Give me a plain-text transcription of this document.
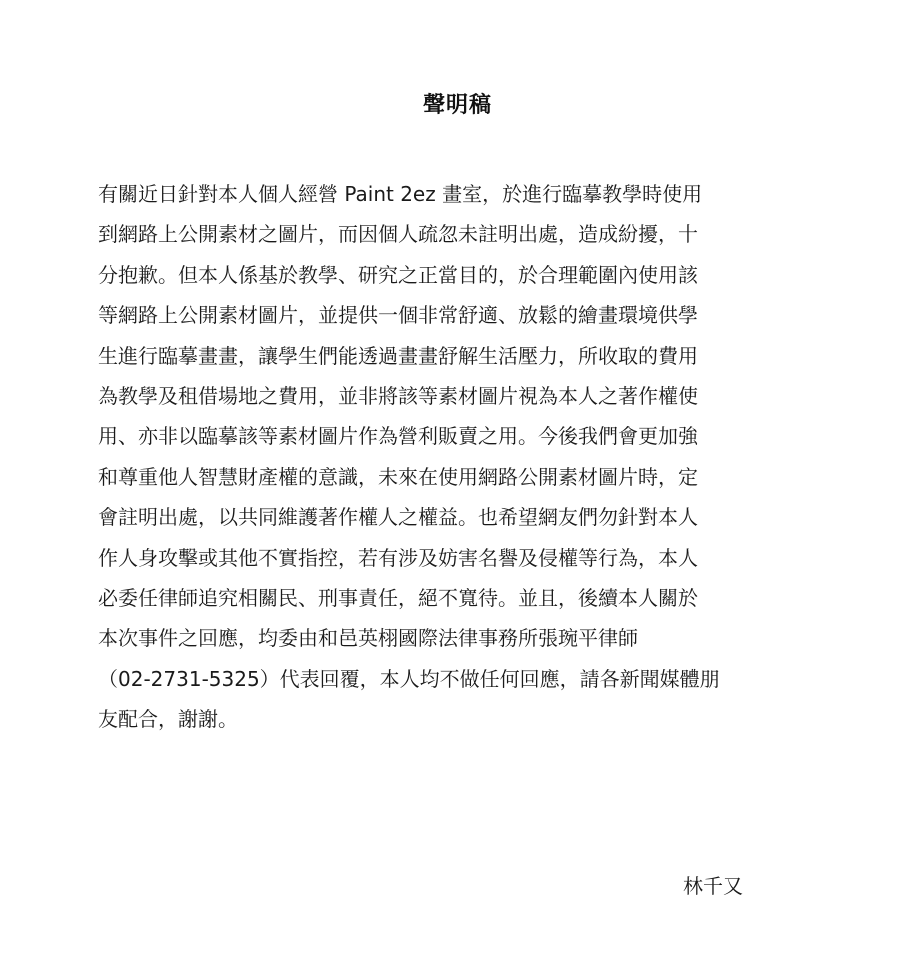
聲明稿
有關近日針對本人個人經營 Paint 2ez 畫室，於進行臨摹教學時使用
到網路上公開素材之圖片，而因個人疏忽未註明出處，造成紛擾，十
分抱歉。但本人係基於教學、研究之正當目的，於合理範圍內使用該
等網路上公開素材圖片，並提供一個非常舒適、放鬆的繪畫環境供學
生進行臨摹畫畫，讓學生們能透過畫畫舒解生活壓力，所收取的費用
為教學及租借場地之費用，並非將該等素材圖片視為本人之著作權使
用、亦非以臨摹該等素材圖片作為營利販賣之用。今後我們會更加強
和尊重他人智慧財產權的意識，未來在使用網路公開素材圖片時，定
會註明出處，以共同維護著作權人之權益。也希望網友們勿針對本人
作人身攻擊或其他不實指控，若有涉及妨害名譽及侵權等行為，本人
必委任律師追究相關民、刑事責任，絕不寬待。並且，後續本人關於
本次事件之回應，均委由和邑英栩國際法律事務所張琬平律師
（02-2731-5325）代表回覆，本人均不做任何回應，請各新聞媒體朋
友配合，謝謝。
林千又
